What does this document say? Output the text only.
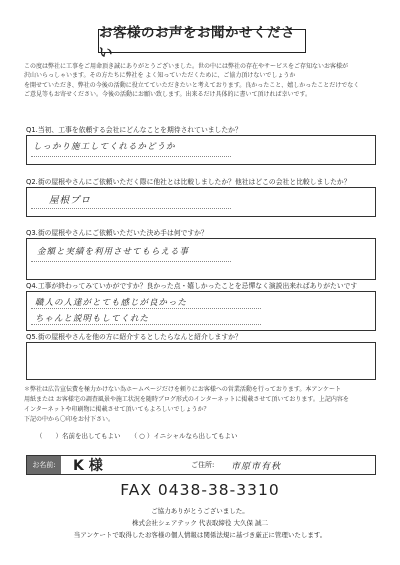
お客様のお声をお聞かせください

この度は弊社に工事をご用命頂き誠にありがとうございました。世の中には弊社の存在やサービスをご存知ないお客様が

沢山いらっしゃいます。その方たちに弊社を よく知っていただくために、ご協力頂けないでしょうか

を開せていただき、弊社の今後の活動に役立てていただきたいと考えております。良かったこと、嬉しかったことだけでなく

ご意見等もお寄せください。今後の活動にお願い致します。出来るだけ具体的に書いて頂ければ幸いです。

Q1.当初、工事を依頼する会社にどんなことを期待されていましたか？
しっかり施工してくれるかどうか
Q2.街の屋根やさんにご依頼いただく際に他社とは比較しましたか？他社はどこの会社と比較しましたか？
屋根プロ
Q3.街の屋根やさんにご依頼いただいた決め手は何ですか？
金額と実績を利用させてもらえる事
Q4.工事が終わってみていかがですか？良かった点・嬉しかったことを忌憚なく演説出来ればありがたいです
職人の人達がとても感じが良かった
ちゃんと説明もしてくれた
Q5.街の屋根やさんを他の方に紹介するとしたらなんと紹介しますか？

＊弊社は広告宣伝費を極力かけない為ホームページだけを頼りにお客様への営業活動を行っております。本アンケート

用紙または お客様宅の調査風景や施工状況を随時ブログ形式のインターネットに掲載させて頂いております。上記内容を

インターネットや印刷物に掲載させて頂いてもよろしいでしょうか？

下記の中から〇印をお付下さい。

（　　）名前を出してもよい （ ○ ）イニシャルなら出してもよい
お名前:	K 様	ご住所:	市原市有秋
FAX 0438-38-3310
ご協力ありがとうございました。
株式会社シェアテック 代表取締役 大久保 誠二
当アンケートで取得したお客様の個人情報は関係法規に基づき厳正に管理いたします。
